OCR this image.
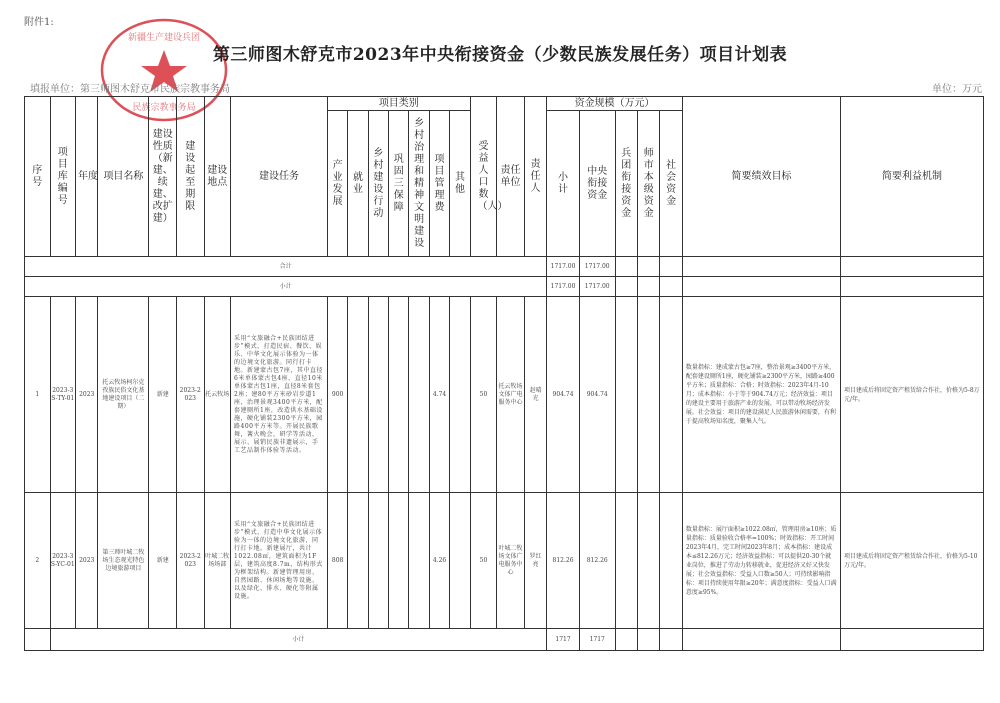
附件1:
新疆生产建设兵团
民族宗教事务局
第三师图木舒克市2023年中央衔接资金（少数民族发展任务）项目计划表
填报单位：第三师图木舒克市民族宗教事务局	单位：万元
序号	项目库编号	年度	项目名称	建设性质（新建、续建、改扩建）	建设起至期限	建设地点	建设任务	项目类别							受益人口数（人）	责任单位	责任人	资金规模（万元）					简要绩效目标	简要利益机制
								产业发展	就业	乡村建设行动	巩固三保障	乡村治理和精神文明建设	项目管理费	其他				小计	中央衔接资金	兵团衔接资金	师市本级资金	社会资金		
合计																		1717.00	1717.00					
小计																		1717.00	1717.00					
1	2023-3S-TY-01	2023	托云牧场柯尔克孜族民俗文化基地建设项目（二期）	新建	2023-2023	托云牧场	采用“文旅融合+民族团结进步”模式，打造民宿、餐饮、娱乐、中华文化展示体验为一体的边境文化旅游。同行打卡地。新建蒙古包7座，其中直径6米单体蒙古包4座，直径10米单体蒙古包1座，直径8米套包2座；建80平方米砂岩步道1座，治理景观3400平方米，配套建厕所1座，改造供水基础设施，硬化铺装2300平方米，园路400平方米等。开展民族歌舞，篝火晚会，研学等活动，展示、展销民族非遗展示，手工艺品制作体验等活动。	900					4.74		50	托云牧场文体广电服务中心	赵晴光	904.74	904.74				数量指标：建成蒙古包≥7座，整治景观≥3400平方米，配套建设厕所1座，硬化铺装≥2300平方米，园路≥400平方米；质量指标：合格；时效指标：2023年4月-10月；成本指标：小于等于904.74万元；经济效益：项目的建设主要用于旅游产业的发展，可以带动牧场经济发展。社会效益：项目的建设满足人民旅游休闲需要，有利于提高牧场知名度，聚集人气。	项目建成后将固定资产租赁给合作社，价格为5-8万元/年。
2	2023-3S-YC-01	2023	第三师叶城二牧场生态观光特色边境旅游项目	新建	2023-2023	叶城二牧场场部	采用“文旅融合+民族团结进步”模式，打造中华文化展示体验为一体的边境文化旅游，同行打卡地。新建展厅，共计1022.08㎡，建筑面积为1F层，建筑高度8.7m，结构形式为框架结构。新建管理用房、自然园路、休闲场地等设施、以及绿化、排水、硬化等附属设施。	808					4.26		50	叶城二牧场文体广电服务中心	罗红亮	812.26	812.26				数量指标：展厅面积≥1022.08㎡，管理用房≥10座；质量指标：质量验收合格率=100%；时效指标：开工时间2023年4月，完工时间2023年8月；成本指标：建设成本≤812.26万元；经济效益指标：可以提供20-30个就业岗位，推进了劳动力转移就业，促进经济又好又快发展；社会效益指标：受益人口数≥50人；可持续影响指标：项目持续使用年限≥20年；满意度指标：受益人口满意度≥95%。	项目建成后将固定资产租赁给合作社，价格为5-10万元/年。
	小计																	1717	1717					
